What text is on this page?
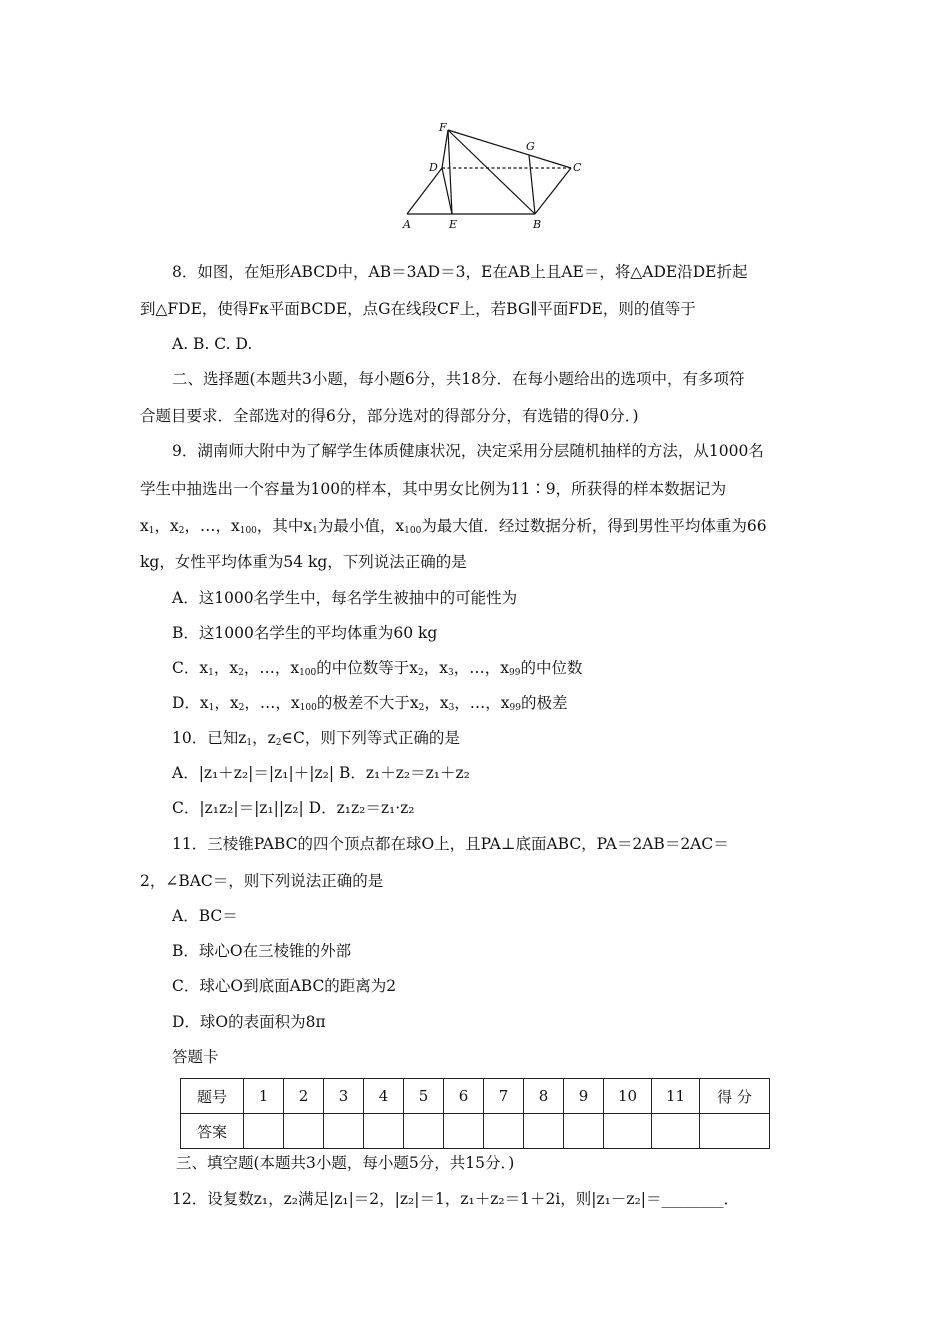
F
G
D	C
A	E	B
8．如图，在矩形ABCD中，AB＝3AD＝3，E在AB上且AE＝，将△ADE沿DE折起
到△FDE，使得Fκ平面BCDE，点G在线段CF上，若BG∥平面FDE，则的值等于
A. B. C. D.
二、选择题(本题共3小题，每小题6分，共18分．在每小题给出的选项中，有多项符
合题目要求．全部选对的得6分，部分选对的得部分分，有选错的得0分．)
9．湖南师大附中为了解学生体质健康状况，决定采用分层随机抽样的方法，从1000名
学生中抽选出一个容量为100的样本，其中男女比例为11∶9，所获得的样本数据记为
$x_1$，$x_2$，…，$x_{100}$，其中$x_1$为最小值，$x_{100}$为最大值．经过数据分析，得到男性平均体重为66
kg，女性平均体重为54 kg，下列说法正确的是
A．这1000名学生中，每名学生被抽中的可能性为
B．这1000名学生的平均体重为60 kg
C．$x_1$，$x_2$，…，$x_{100}$的中位数等于$x_2$，$x_3$，…，$x_{99}$的中位数
D．$x_1$，$x_2$，…，$x_{100}$的极差不大于$x_2$，$x_3$，…，$x_{99}$的极差
10．已知$z_1$，$z_2\in C$，则下列等式正确的是
A．|z₁＋z₂|＝|z₁|＋|z₂| B．z₁＋z₂＝z₁＋z₂
C．|z₁z₂|＝|z₁||z₂| D．z₁z₂＝z₁·z₂
11．三棱锥PABC的四个顶点都在球O上，且PA⊥底面ABC，PA＝2AB＝2AC＝
2，∠BAC＝，则下列说法正确的是
A．BC＝
B．球心O在三棱锥的外部
C．球心O到底面ABC的距离为2
D．球O的表面积为8π
答题卡
题号	1	2	3	4	5	6	7	8	9	10	11	得 分
答案												
三、填空题(本题共3小题，每小题5分，共15分．)
12．设复数z₁，z₂满足|z₁|＝2，|z₂|＝1，z₁＋z₂＝1＋2i，则|z₁－z₂|＝________．
